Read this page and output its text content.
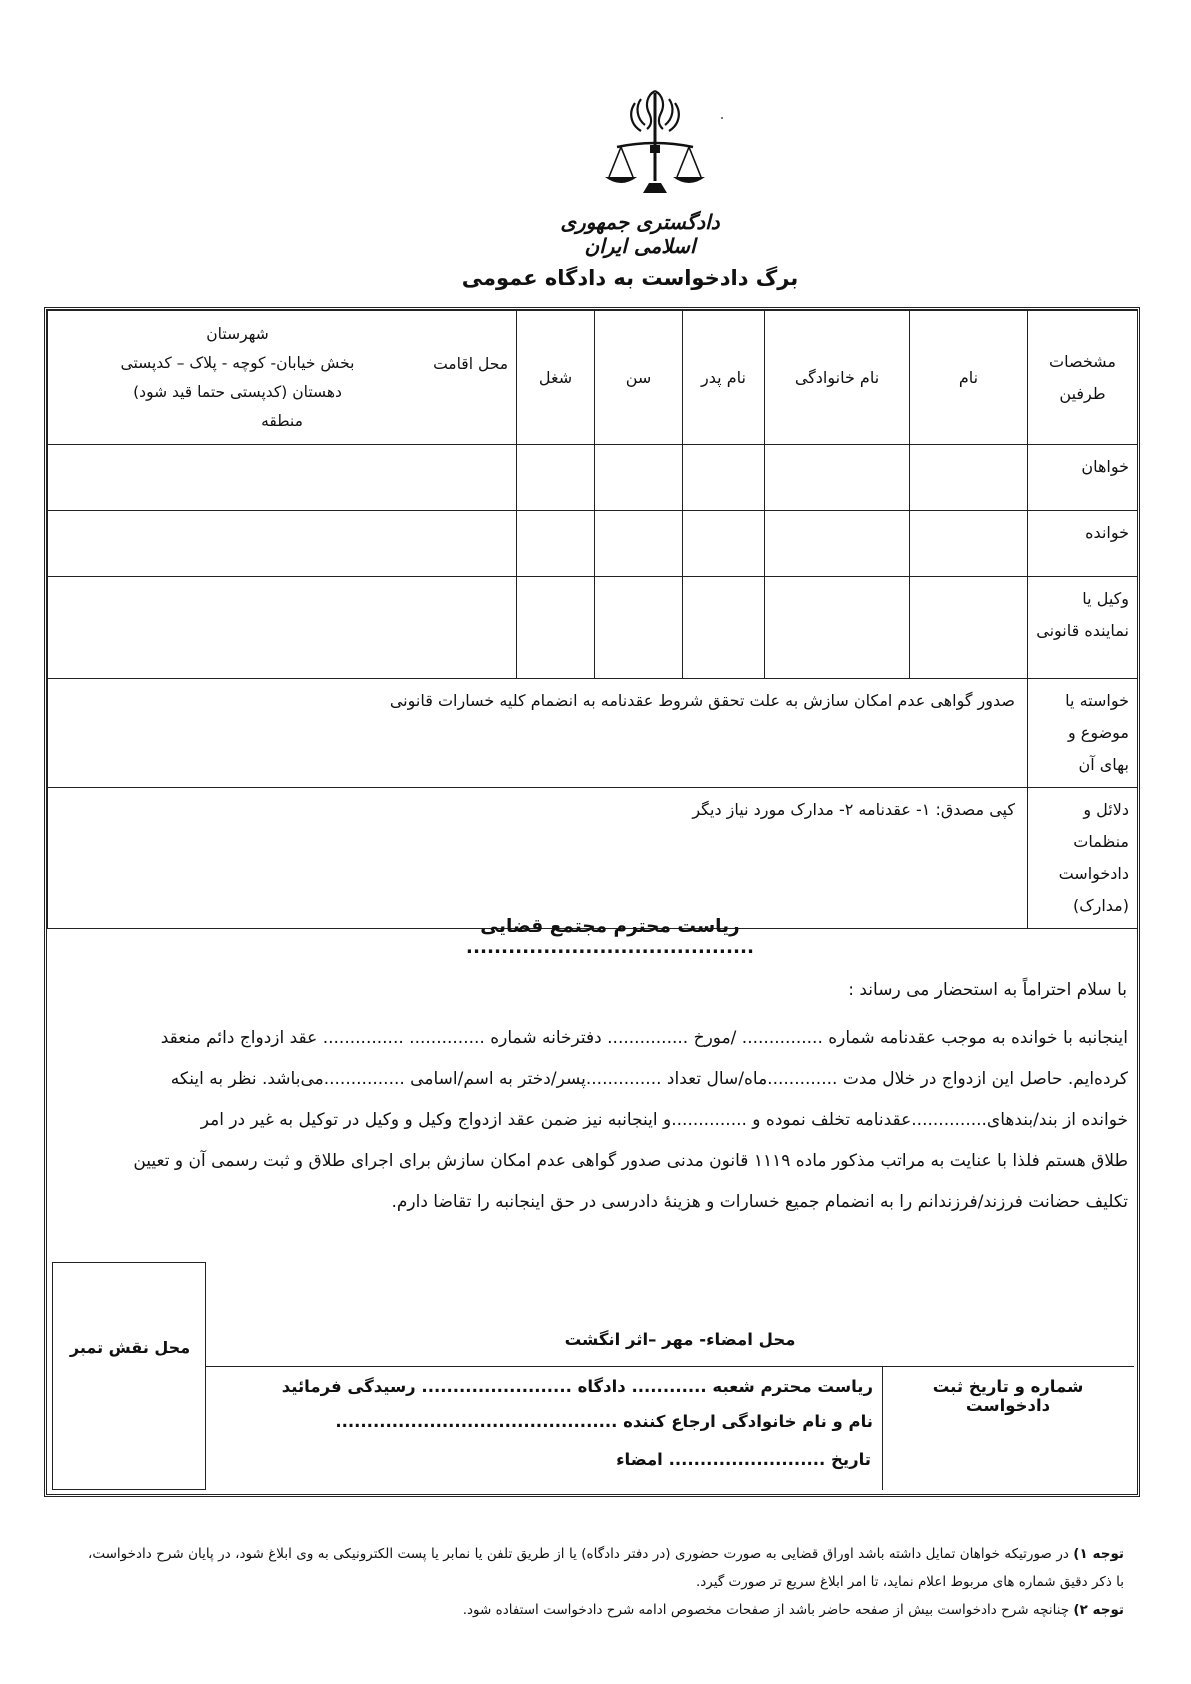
دادگستری جمهوری اسلامی ایران
برگ دادخواست به دادگاه عمومی
مشخصات طرفین	نام	نام خانوادگی	نام پدر	سن	شغل	محل اقامت
شهرستان
بخش خیابان- کوچه - پلاک – کدپستی
دهستان (کدپستی حتما قید شود)
منطقه

خواهان						
خوانده						
وکیل یا نماینده قانونی						
خواسته یا موضوع و بهای آن	صدور گواهی عدم امکان سازش به علت تحقق شروط عقدنامه به انضمام کلیه خسارات قانونی					
دلائل و منظمات دادخواست (مدارک)	کپی مصدق: ۱- عقدنامه ۲- مدارک مورد نیاز دیگر					
ریاست محترم مجتمع قضایی .........................................
با سلام احتراماً به استحضار می رساند :

اینجانبه با خوانده به موجب عقدنامه شماره ............... /مورخ ............... دفترخانه شماره .............. ............... عقد ازدواج دائم منعقد

کرده‌ایم. حاصل این ازدواج در خلال مدت .............ماه/سال تعداد ..............پسر/دختر به اسم/اسامی ...............می‌باشد. نظر به اینکه

خوانده از بند/بندهای..............عقدنامه تخلف نموده و ..............و اینجانبه نیز ضمن عقد ازدواج وکیل و وکیل در توکیل به غیر در امر

طلاق هستم فلذا با عنایت به مراتب مذکور ماده ۱۱۱۹ قانون مدنی صدور گواهی عدم امکان سازش برای اجرای طلاق و ثبت رسمی آن و تعیین

تکلیف حضانت فرزند/فرزندانم را به انضمام جمیع خسارات و هزینهٔ دادرسی در حق اینجانبه را تقاضا دارم.

محل نقش تمبر	محل امضاء- مهر –اثر انگشت
شماره و تاریخ ثبت دادخواست
ریاست محترم شعبه ............ دادگاه ........................ رسیدگی فرمائید
نام و نام خانوادگی ارجاع کننده .............................................
تاریخ ......................... امضاء

توجه ۱) در صورتیکه خواهان تمایل داشته باشد اوراق قضایی به صورت حضوری (در دفتر دادگاه) یا از طریق تلفن یا نمابر یا پست الکترونیکی به وی ابلاغ شود، در پایان شرح دادخواست، با ذکر دقیق شماره های مربوط اعلام نماید، تا امر ابلاغ سریع تر صورت گیرد.

توجه ۲) چنانچه شرح دادخواست بیش از صفحه حاضر باشد از صفحات مخصوص ادامه شرح دادخواست استفاده شود.
